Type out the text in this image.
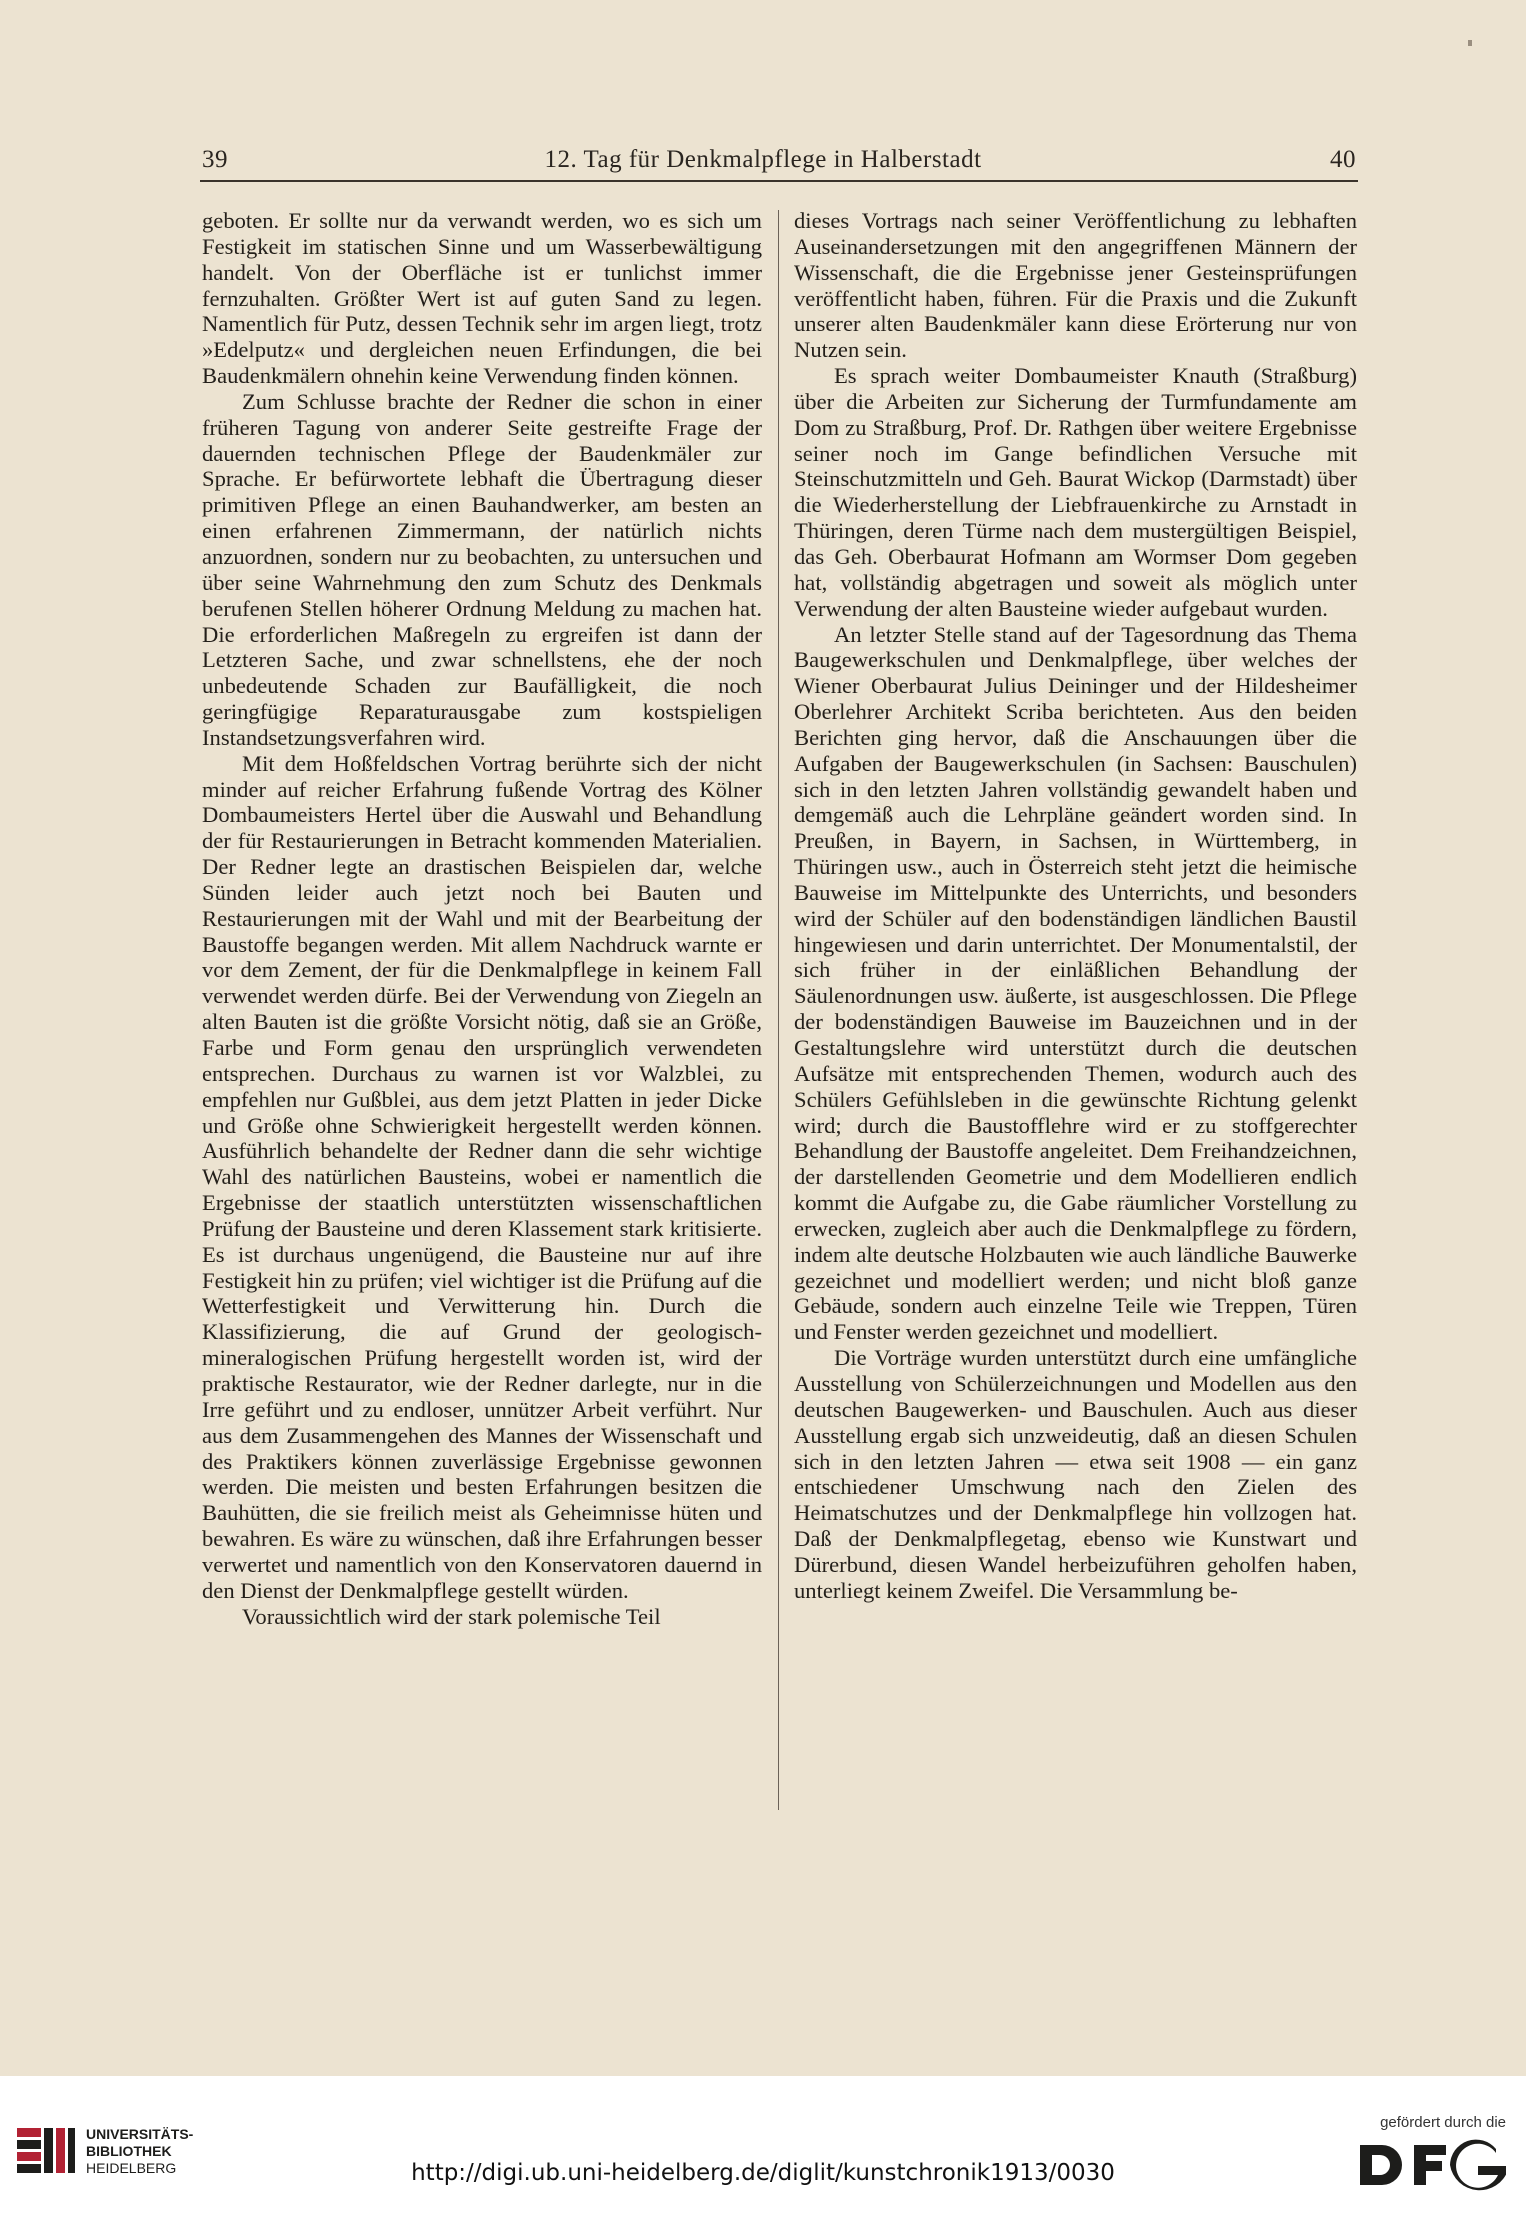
39	12. Tag für Denkmalpflege in Halberstadt	40

geboten. Er sollte nur da verwandt werden, wo es sich um Festigkeit im statischen Sinne und um Wasserbewältigung handelt. Von der Oberfläche ist er tunlichst immer fernzuhalten. Größter Wert ist auf guten Sand zu legen. Namentlich für Putz, dessen Technik sehr im argen liegt, trotz »Edelputz« und dergleichen neuen Erfindungen, die bei Baudenkmälern ohnehin keine Verwendung finden können.

Zum Schlusse brachte der Redner die schon in einer früheren Tagung von anderer Seite gestreifte Frage der dauernden technischen Pflege der Baudenkmäler zur Sprache. Er befürwortete lebhaft die Übertragung dieser primitiven Pflege an einen Bauhandwerker, am besten an einen erfahrenen Zimmermann, der natürlich nichts anzuordnen, sondern nur zu beobachten, zu untersuchen und über seine Wahrnehmung den zum Schutz des Denkmals berufenen Stellen höherer Ordnung Meldung zu machen hat. Die erforderlichen Maßregeln zu ergreifen ist dann der Letzteren Sache, und zwar schnellstens, ehe der noch unbedeutende Schaden zur Baufälligkeit, die noch geringfügige Reparaturausgabe zum kostspieligen Instandsetzungsverfahren wird.

Mit dem Hoßfeldschen Vortrag berührte sich der nicht minder auf reicher Erfahrung fußende Vortrag des Kölner Dombaumeisters Hertel über die Auswahl und Behandlung der für Restaurierungen in Betracht kommenden Materialien. Der Redner legte an drastischen Beispielen dar, welche Sünden leider auch jetzt noch bei Bauten und Restaurierungen mit der Wahl und mit der Bearbeitung der Baustoffe begangen werden. Mit allem Nachdruck warnte er vor dem Zement, der für die Denkmalpflege in keinem Fall verwendet werden dürfe. Bei der Verwendung von Ziegeln an alten Bauten ist die größte Vorsicht nötig, daß sie an Größe, Farbe und Form genau den ursprünglich verwendeten entsprechen. Durchaus zu warnen ist vor Walzblei, zu empfehlen nur Gußblei, aus dem jetzt Platten in jeder Dicke und Größe ohne Schwierigkeit hergestellt werden können. Ausführlich behandelte der Redner dann die sehr wichtige Wahl des natürlichen Bausteins, wobei er namentlich die Ergebnisse der staatlich unterstützten wissenschaftlichen Prüfung der Bausteine und deren Klassement stark kritisierte. Es ist durchaus ungenügend, die Bausteine nur auf ihre Festigkeit hin zu prüfen; viel wichtiger ist die Prüfung auf die Wetterfestigkeit und Verwitterung hin. Durch die Klassifizierung, die auf Grund der geologisch-mineralogischen Prüfung hergestellt worden ist, wird der praktische Restaurator, wie der Redner darlegte, nur in die Irre geführt und zu endloser, unnützer Arbeit verführt. Nur aus dem Zusammengehen des Mannes der Wissenschaft und des Praktikers können zuverlässige Ergebnisse gewonnen werden. Die meisten und besten Erfahrungen besitzen die Bauhütten, die sie freilich meist als Geheimnisse hüten und bewahren. Es wäre zu wünschen, daß ihre Erfahrungen besser verwertet und namentlich von den Konservatoren dauernd in den Dienst der Denkmalpflege gestellt würden.

Voraussichtlich wird der stark polemische Teil

dieses Vortrags nach seiner Veröffentlichung zu lebhaften Auseinandersetzungen mit den angegriffenen Männern der Wissenschaft, die die Ergebnisse jener Gesteinsprüfungen veröffentlicht haben, führen. Für die Praxis und die Zukunft unserer alten Baudenkmäler kann diese Erörterung nur von Nutzen sein.

Es sprach weiter Dombaumeister Knauth (Straßburg) über die Arbeiten zur Sicherung der Turmfundamente am Dom zu Straßburg, Prof. Dr. Rathgen über weitere Ergebnisse seiner noch im Gange befindlichen Versuche mit Steinschutzmitteln und Geh. Baurat Wickop (Darmstadt) über die Wiederherstellung der Liebfrauenkirche zu Arnstadt in Thüringen, deren Türme nach dem mustergültigen Beispiel, das Geh. Oberbaurat Hofmann am Wormser Dom gegeben hat, vollständig abgetragen und soweit als möglich unter Verwendung der alten Bausteine wieder aufgebaut wurden.

An letzter Stelle stand auf der Tagesordnung das Thema Baugewerkschulen und Denkmalpflege, über welches der Wiener Oberbaurat Julius Deininger und der Hildesheimer Oberlehrer Architekt Scriba berichteten. Aus den beiden Berichten ging hervor, daß die Anschauungen über die Aufgaben der Baugewerkschulen (in Sachsen: Bauschulen) sich in den letzten Jahren vollständig gewandelt haben und demgemäß auch die Lehrpläne geändert worden sind. In Preußen, in Bayern, in Sachsen, in Württemberg, in Thüringen usw., auch in Österreich steht jetzt die heimische Bauweise im Mittelpunkte des Unterrichts, und besonders wird der Schüler auf den bodenständigen ländlichen Baustil hingewiesen und darin unterrichtet. Der Monumentalstil, der sich früher in der einläßlichen Behandlung der Säulenordnungen usw. äußerte, ist ausgeschlossen. Die Pflege der bodenständigen Bauweise im Bauzeichnen und in der Gestaltungslehre wird unterstützt durch die deutschen Aufsätze mit entsprechenden Themen, wodurch auch des Schülers Gefühlsleben in die gewünschte Richtung gelenkt wird; durch die Baustofflehre wird er zu stoffgerechter Behandlung der Baustoffe angeleitet. Dem Freihandzeichnen, der darstellenden Geometrie und dem Modellieren endlich kommt die Aufgabe zu, die Gabe räumlicher Vorstellung zu erwecken, zugleich aber auch die Denkmalpflege zu fördern, indem alte deutsche Holzbauten wie auch ländliche Bauwerke gezeichnet und modelliert werden; und nicht bloß ganze Gebäude, sondern auch einzelne Teile wie Treppen, Türen und Fenster werden gezeichnet und modelliert.

Die Vorträge wurden unterstützt durch eine umfängliche Ausstellung von Schülerzeichnungen und Modellen aus den deutschen Baugewerken- und Bauschulen. Auch aus dieser Ausstellung ergab sich unzweideutig, daß an diesen Schulen sich in den letzten Jahren — etwa seit 1908 — ein ganz entschiedener Umschwung nach den Zielen des Heimatschutzes und der Denkmalpflege hin vollzogen hat. Daß der Denkmalpflegetag, ebenso wie Kunstwart und Dürerbund, diesen Wandel herbeizuführen geholfen haben, unterliegt keinem Zweifel. Die Versammlung be-

UNIVERSITÄTS-
BIBLIOTHEK
HEIDELBERG	http://digi.ub.uni-heidelberg.de/diglit/kunstchronik1913/0030
gefördert durch die
